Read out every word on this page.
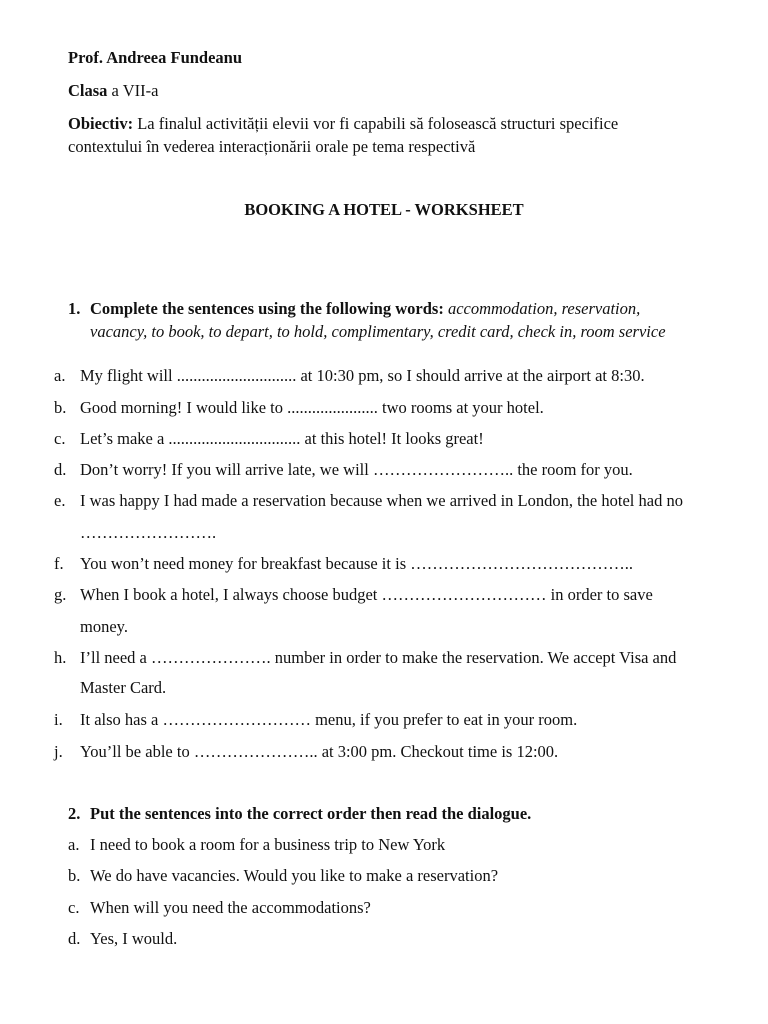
Prof. Andreea Fundeanu
Clasa a VII-a
Obiectiv: La finalul activității elevii vor fi capabili să folosească structuri specifice
contextului în vederea interacționării orale pe tema respectivă
BOOKING A HOTEL - WORKSHEET
1. Complete the sentences using the following words: accommodation, reservation,
vacancy, to book, to depart, to hold, complimentary, credit card, check in, room service
a. My flight will ............................. at 10:30 pm, so I should arrive at the airport at 8:30.
b. Good morning! I would like to ...................... two rooms at your hotel.
c. Let’s make a ................................ at this hotel! It looks great!
d. Don’t worry! If you will arrive late, we will …………………….. the room for you.
e. I was happy I had made a reservation because when we arrived in London, the hotel had no
…………………….
f. You won’t need money for breakfast because it is …………………………………..
g. When I book a hotel, I always choose budget ………………………… in order to save
money.
h. I’ll need a …………………. number in order to make the reservation. We accept Visa and
Master Card.
i. It also has a ……………………… menu, if you prefer to eat in your room.
j. You’ll be able to ………………….. at 3:00 pm. Checkout time is 12:00.
2. Put the sentences into the correct order then read the dialogue.
a. I need to book a room for a business trip to New York
b. We do have vacancies. Would you like to make a reservation?
c. When will you need the accommodations?
d. Yes, I would.
